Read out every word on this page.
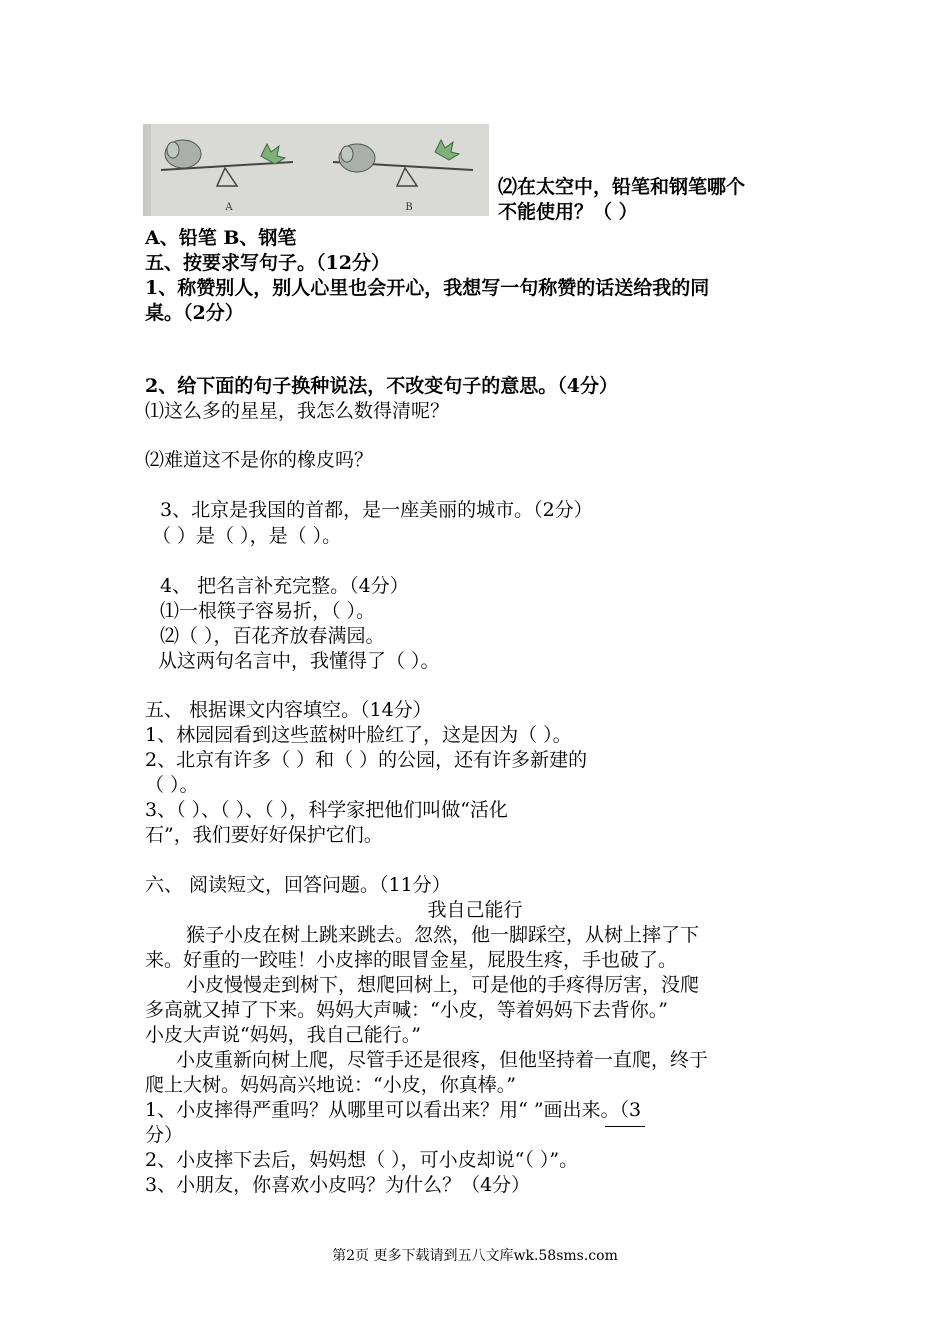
A	B
⑵在太空中，铅笔和钢笔哪个
不能使用？（ ）
A、铅笔 B、钢笔
五、按要求写句子。（12分）
1、称赞别人，别人心里也会开心，我想写一句称赞的话送给我的同
桌。（2分）
2、给下面的句子换种说法，不改变句子的意思。（4分）
⑴这么多的星星，我怎么数得清呢？
⑵难道这不是你的橡皮吗？
3、北京是我国的首都，是一座美丽的城市。（2分）
（ ）是（ ），是（ ）。
4、 把名言补充完整。（4分）
⑴一根筷子容易折，（ ）。
⑵（ ），百花齐放春满园。
从这两句名言中，我懂得了（ ）。
五、 根据课文内容填空。（14分）
1、林园园看到这些蓝树叶脸红了，这是因为（ ）。
2、北京有许多（ ）和（ ）的公园，还有许多新建的
（ ）。
3、（ ）、（ ）、（ ），科学家把他们叫做“活化
石”，我们要好好保护它们。
六、 阅读短文，回答问题。（11分）
我自己能行
猴子小皮在树上跳来跳去。忽然，他一脚踩空，从树上摔了下
来。好重的一跤哇！小皮摔的眼冒金星，屁股生疼，手也破了。
小皮慢慢走到树下，想爬回树上，可是他的手疼得厉害，没爬
多高就又掉了下来。妈妈大声喊：“小皮，等着妈妈下去背你。”
小皮大声说“妈妈，我自己能行。”
小皮重新向树上爬，尽管手还是很疼，但他坚持着一直爬，终于
爬上大树。妈妈高兴地说：“小皮，你真棒。”
1、小皮摔得严重吗？从哪里可以看出来？用“ ”画出来。（3
分）
2、小皮摔下去后，妈妈想（ ），可小皮却说“（ ）”。
3、小朋友，你喜欢小皮吗？为什么？（4分）
第2页 更多下载请到五八文库wk.58sms.com
